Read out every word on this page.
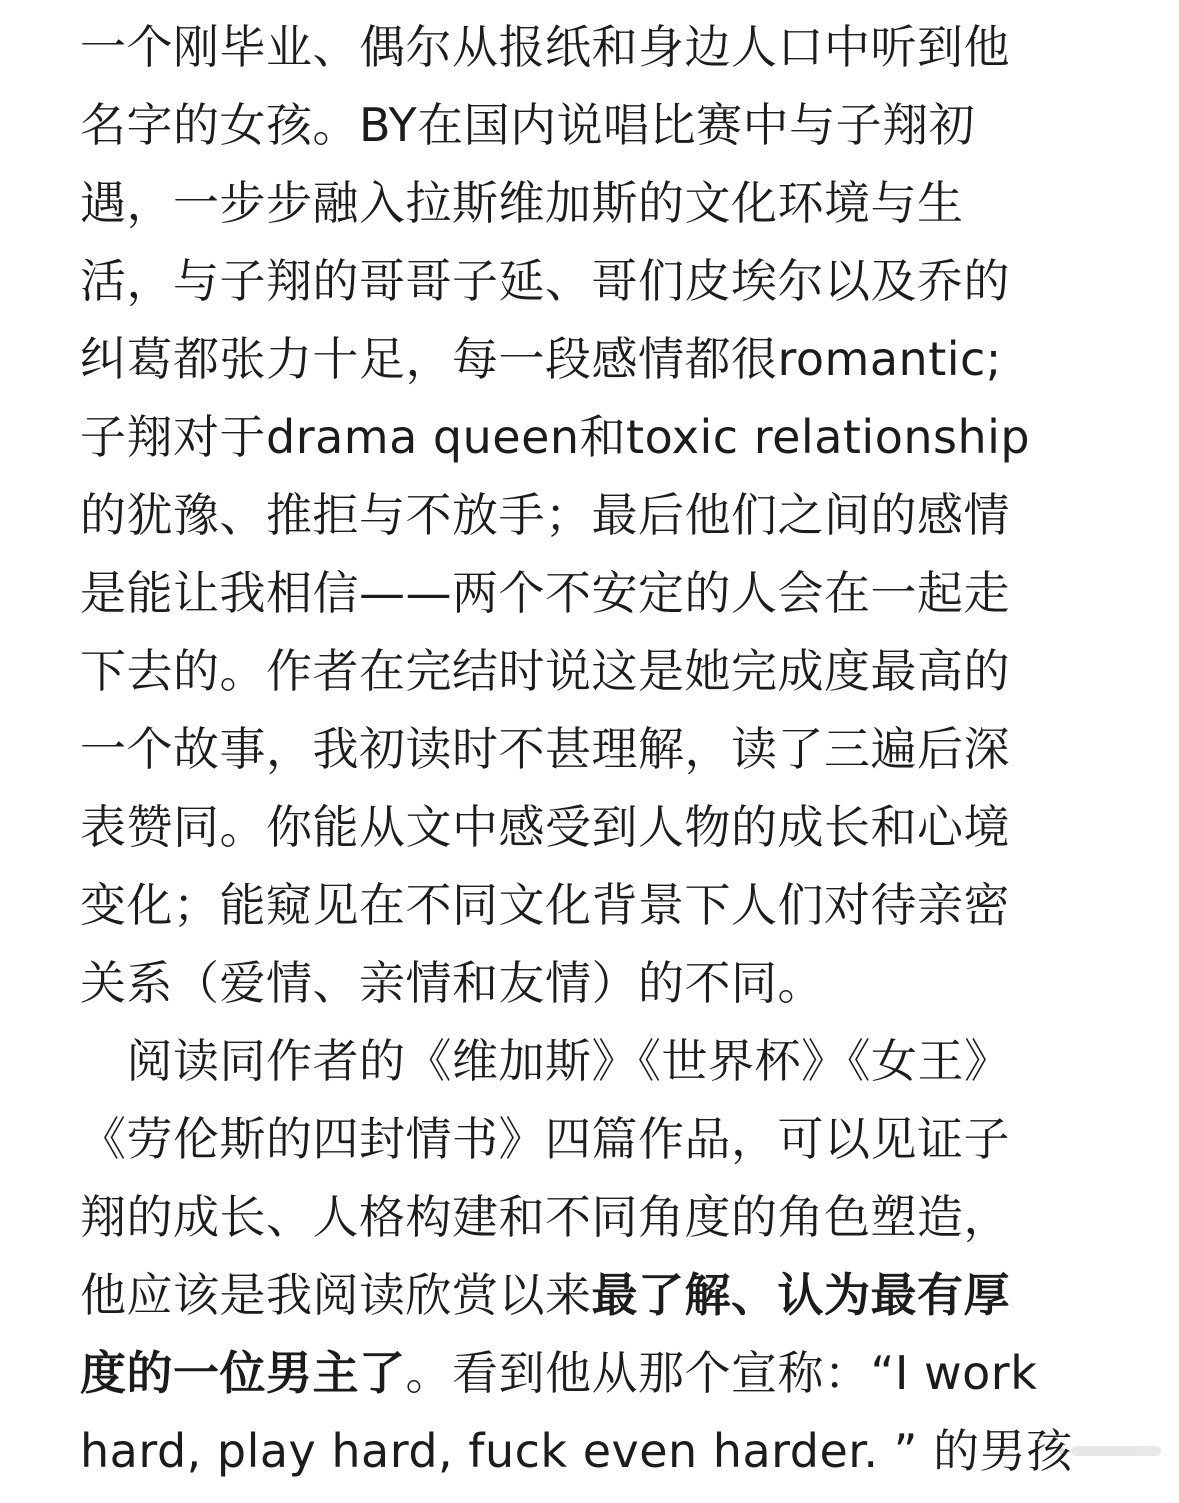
一个刚毕业、偶尔从报纸和身边人口中听到他
名字的女孩。BY在国内说唱比赛中与子翔初
遇，一步步融入拉斯维加斯的文化环境与生
活，与子翔的哥哥子延、哥们皮埃尔以及乔的
纠葛都张力十足，每一段感情都很romantic;
子翔对于drama queen和toxic relationship
的犹豫、推拒与不放手；最后他们之间的感情
是能让我相信——两个不安定的人会在一起走
下去的。作者在完结时说这是她完成度最高的
一个故事，我初读时不甚理解，读了三遍后深
表赞同。你能从文中感受到人物的成长和心境
变化；能窥见在不同文化背景下人们对待亲密
关系（爱情、亲情和友情）的不同。
　阅读同作者的《维加斯》《世界杯》《女王》
《劳伦斯的四封情书》四篇作品，可以见证子
翔的成长、人格构建和不同角度的角色塑造，
他应该是我阅读欣赏以来最了解、认为最有厚
度的一位男主了。看到他从那个宣称：“I work
hard, play hard, fuck even harder. ” 的男孩
